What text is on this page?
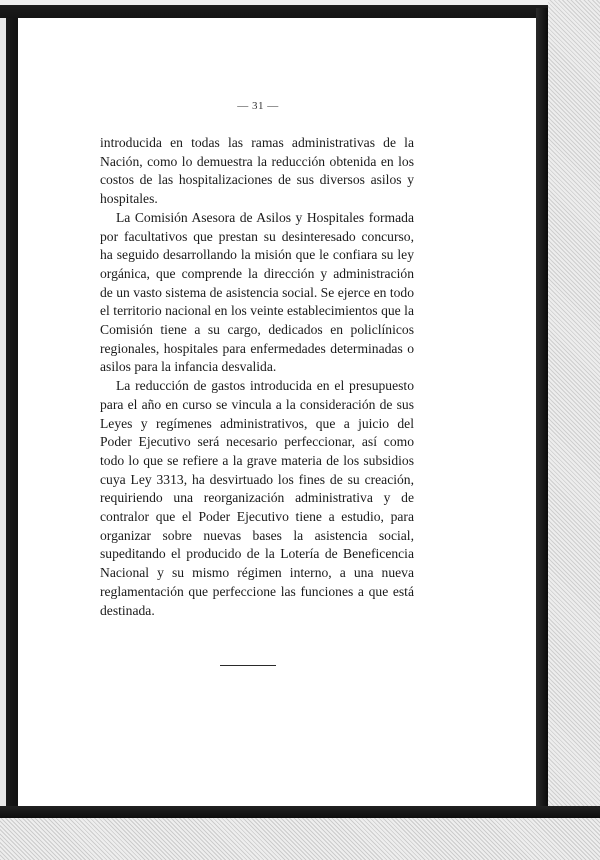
— 31 —

introducida en todas las ramas administrativas de la Nación, como lo demuestra la reducción obtenida en los costos de las hospitalizaciones de sus diversos asilos y hospitales.

La Comisión Asesora de Asilos y Hospitales formada por facultativos que prestan su desinteresado concurso, ha seguido desarrollando la misión que le confiara su ley orgánica, que comprende la dirección y administración de un vasto sistema de asistencia social. Se ejerce en todo el territorio nacional en los veinte establecimientos que la Comisión tiene a su cargo, dedicados en policlínicos regionales, hospitales para enfermedades determinadas o asilos para la infancia desvalida.

La reducción de gastos introducida en el presupuesto para el año en curso se vincula a la consideración de sus Leyes y regímenes administrativos, que a juicio del Poder Ejecutivo será necesario perfeccionar, así como todo lo que se refiere a la grave materia de los subsidios cuya Ley 3313, ha desvirtuado los fines de su creación, requiriendo una reorganización administrativa y de contralor que el Poder Ejecutivo tiene a estudio, para organizar sobre nuevas bases la asistencia social, supeditando el producido de la Lotería de Beneficencia Nacional y su mismo régimen interno, a una nueva reglamentación que perfeccione las funciones a que está destinada.
